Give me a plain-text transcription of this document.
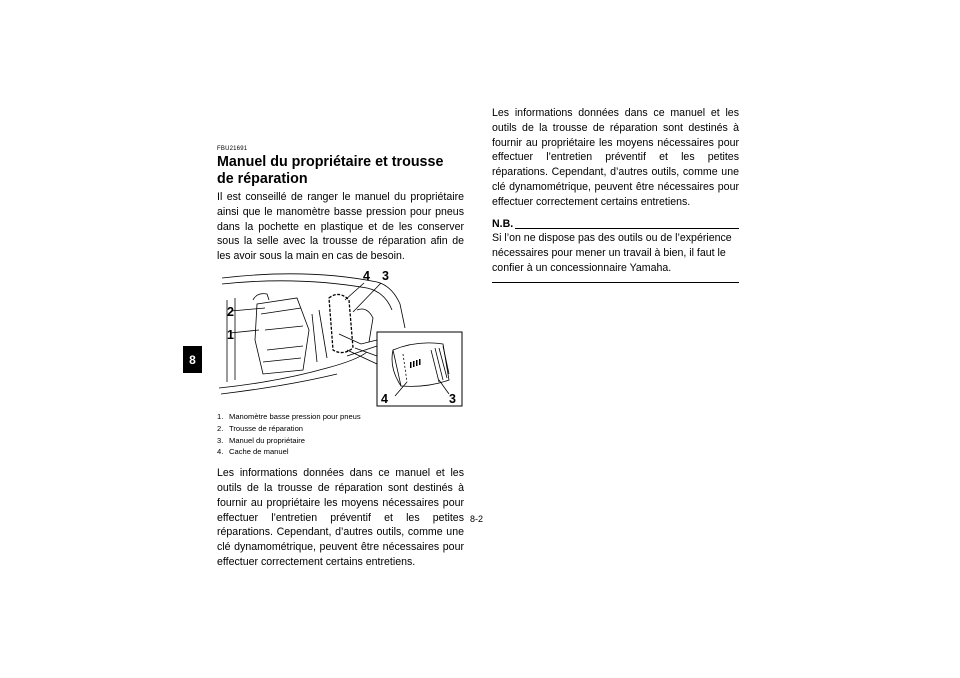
8
FBU21691
Manuel du propriétaire et trousse de réparation

Il est conseillé de ranger le manuel du propriétaire ainsi que le manomètre basse pression pour pneus dans la pochette en plastique et de les conserver sous la selle avec la trousse de réparation afin de les avoir sous la main en cas de besoin.

1
2
3
4
4	3
1. Manomètre basse pression pour pneus
2. Trousse de réparation
3. Manuel du propriétaire
4. Cache de manuel

Les informations données dans ce manuel et les outils de la trousse de réparation sont destinés à fournir au propriétaire les moyens nécessaires pour effectuer l’entretien préventif et les petites réparations. Cependant, d’autres outils, comme une clé dynamométrique, peuvent être nécessaires pour effectuer correctement certains entretiens.

Les informations données dans ce manuel et les outils de la trousse de réparation sont destinés à fournir au propriétaire les moyens nécessaires pour effectuer l’entretien préventif et les petites réparations. Cependant, d’autres outils, comme une clé dynamométrique, peuvent être nécessaires pour effectuer correctement certains entretiens.

N.B.

Si l’on ne dispose pas des outils ou de l’expérience nécessaires pour mener un travail à bien, il faut le confier à un concessionnaire Yamaha.

8-2
